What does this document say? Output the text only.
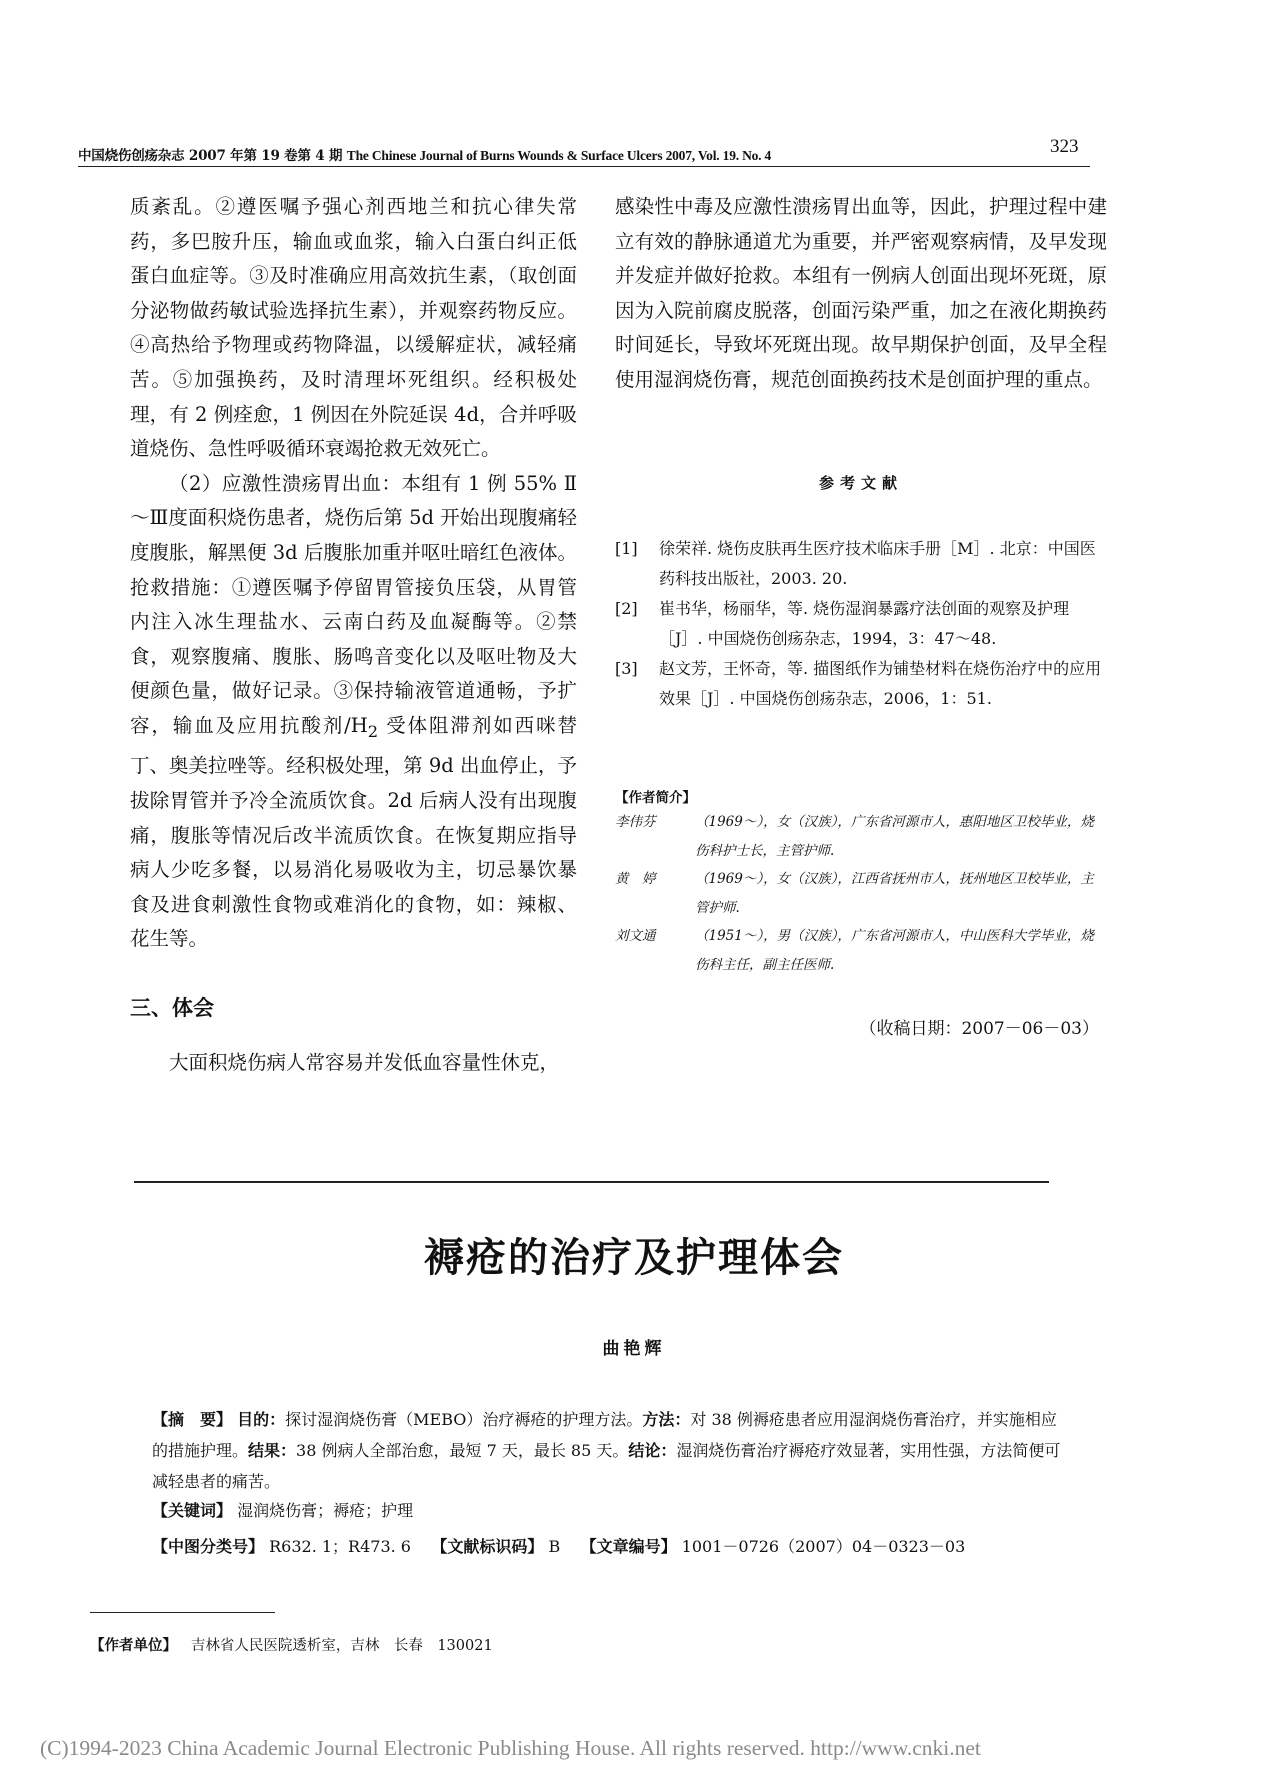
中国烧伤创疡杂志 2007 年第 19 卷第 4 期 The Chinese Journal of Burns Wounds & Surface Ulcers 2007, Vol. 19. No. 4	323

质紊乱。②遵医嘱予强心剂西地兰和抗心律失常药，多巴胺升压，输血或血浆，输入白蛋白纠正低蛋白血症等。③及时准确应用高效抗生素，（取创面分泌物做药敏试验选择抗生素），并观察药物反应。④高热给予物理或药物降温，以缓解症状，减轻痛苦。⑤加强换药，及时清理坏死组织。经积极处理，有 2 例痊愈，1 例因在外院延误 4d，合并呼吸道烧伤、急性呼吸循环衰竭抢救无效死亡。

（2）应激性溃疡胃出血：本组有 1 例 55% Ⅱ～Ⅲ度面积烧伤患者，烧伤后第 5d 开始出现腹痛轻度腹胀，解黑便 3d 后腹胀加重并呕吐暗红色液体。抢救措施：①遵医嘱予停留胃管接负压袋，从胃管内注入冰生理盐水、云南白药及血凝酶等。②禁食，观察腹痛、腹胀、肠鸣音变化以及呕吐物及大便颜色量，做好记录。③保持输液管道通畅，予扩容，输血及应用抗酸剂$/H_2$ 受体阻滞剂如西咪替丁、奥美拉唑等。经积极处理，第 9d 出血停止，予拔除胃管并予冷全流质饮食。2d 后病人没有出现腹痛，腹胀等情况后改半流质饮食。在恢复期应指导病人少吃多餐，以易消化易吸收为主，切忌暴饮暴食及进食刺激性食物或难消化的食物，如：辣椒、花生等。

三、体会
大面积烧伤病人常容易并发低血容量性休克，

感染性中毒及应激性溃疡胃出血等，因此，护理过程中建立有效的静脉通道尤为重要，并严密观察病情，及早发现并发症并做好抢救。本组有一例病人创面出现坏死斑，原因为入院前腐皮脱落，创面污染严重，加之在液化期换药时间延长，导致坏死斑出现。故早期保护创面，及早全程使用湿润烧伤膏，规范创面换药技术是创面护理的重点。

参考文献
[1]	徐荣祥. 烧伤皮肤再生医疗技术临床手册［M］. 北京：中国医药科技出版社，2003. 20.
[2]	崔书华，杨丽华，等. 烧伤湿润暴露疗法创面的观察及护理［J］. 中国烧伤创疡杂志，1994，3：47～48.
[3]	赵文芳，王怀奇，等. 描图纸作为铺垫材料在烧伤治疗中的应用效果［J］. 中国烧伤创疡杂志，2006，1：51.
【作者简介】
李伟芬	（1969～），女（汉族），广东省河源市人，惠阳地区卫校毕业，烧伤科护士长，主管护师.
黄　婷	（1969～），女（汉族），江西省抚州市人，抚州地区卫校毕业，主管护师.
刘文通	（1951～），男（汉族），广东省河源市人，中山医科大学毕业，烧伤科主任，副主任医师.
（收稿日期：2007－06－03）
褥疮的治疗及护理体会
曲艳辉
【摘　要】 目的：探讨湿润烧伤膏（MEBO）治疗褥疮的护理方法。方法：对 38 例褥疮患者应用湿润烧伤膏治疗，并实施相应的措施护理。结果：38 例病人全部治愈，最短 7 天，最长 85 天。结论：湿润烧伤膏治疗褥疮疗效显著，实用性强，方法简便可减轻患者的痛苦。
【关键词】 湿润烧伤膏；褥疮；护理
【中图分类号】 R632. 1；R473. 6 【文献标识码】 B 【文章编号】 1001－0726（2007）04－0323－03
【作者单位】 吉林省人民医院透析室，吉林　长春　130021
(C)1994-2023 China Academic Journal Electronic Publishing House. All rights reserved. http://www.cnki.net
